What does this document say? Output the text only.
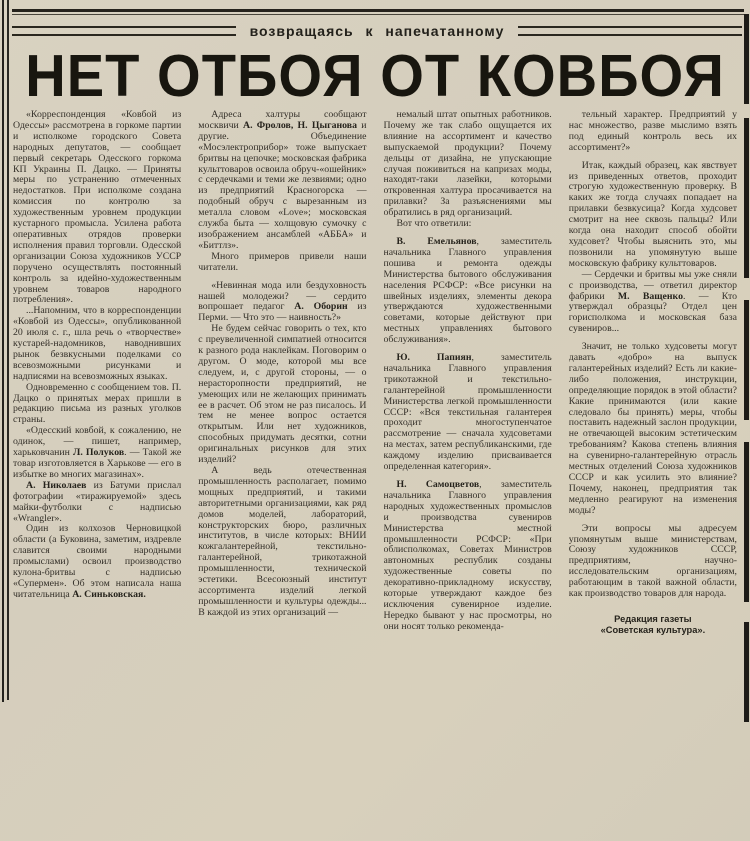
возвращаясь к напечатанному
НЕТ ОТБОЯ ОТ КОВБОЯ

«Корреспонденция «Ковбой из Одессы» рассмотрена в горкоме партии и исполкоме городского Совета народных депутатов, — сообщает первый секретарь Одесского горкома КП Украины П. Дацко. — Приняты меры по устранению отмеченных недостатков. При исполкоме создана комиссия по контролю за художественным уровнем продукции кустарного промысла. Усилена работа оперативных отрядов проверки исполнения правил торговли. Одесской организации Союза художников УССР поручено осуществлять постоянный контроль за идейно-художественным уровнем товаров народного потребления».

...Напомним, что в корреспонденции «Ковбой из Одессы», опубликованной 20 июля с. г., шла речь о «творчестве» кустарей-надомников, наводнивших рынок безвкусными поделками со всевозможными рисунками и надписями на всевозможных языках.

Одновременно с сообщением тов. П. Дацко о принятых мерах пришли в редакцию письма из разных уголков страны.

«Одесский ковбой, к сожалению, не одинок, — пишет, например, харьковчанин Л. Полуков. — Такой же товар изготовляется в Харькове — его в избытке во многих магазинах».

А. Николаев из Батуми прислал фотографии «тиражируемой» здесь майки-футболки с надписью «Wrangler».

Один из колхозов Черновицкой области (а Буковина, заметим, издревле славится своими народными промыслами) освоил производство кулона-бритвы с надписью «Супермен». Об этом написала наша читательница А. Синьковская.

Адреса халтуры сообщают москвичи А. Фролов, Н. Цыганова и другие. Объединение «Мосэлектроприбор» тоже выпускает бритвы на цепочке; московская фабрика культтоваров освоила обруч-«ошейник» с сердечками и теми же лезвиями; одно из предприятий Красногорска — подобный обруч с вырезанным из металла словом «Love»; московская служба быта — холщовую сумочку с изображением ансамблей «АББА» и «Биттлз».

Много примеров привели наши читатели.

«Невинная мода или бездуховность нашей молодежи? — сердито вопрошает педагог А. Оборин из Перми. — Что это — наивность?»

Не будем сейчас говорить о тех, кто с преувеличенной симпатией относится к разного рода наклейкам. Поговорим о другом. О моде, которой мы все следуем, и, с другой стороны, — о нерасторопности предприятий, не умеющих или не желающих принимать ее в расчет. Об этом не раз писалось. И тем не менее вопрос остается открытым. Или нет художников, способных придумать десятки, сотни оригинальных рисунков для этих изделий?

А ведь отечественная промышленность располагает, помимо мощных предприятий, и такими авторитетными организациями, как ряд домов моделей, лабораторий, конструкторских бюро, различных институтов, в числе которых: ВНИИ кожгалантерейной, текстильно-галантерейной, трикотажной промышленности, технической эстетики. Всесоюзный институт ассортимента изделий легкой промышленности и культуры одежды... В каждой из этих организаций —

немалый штат опытных работников. Почему же так слабо ощущается их влияние на ассортимент и качество выпускаемой продукции? Почему дельцы от дизайна, не упускающие случая поживиться на капризах моды, находят-таки лазейки, которыми откровенная халтура просачивается на прилавки? За разъяснениями мы обратились в ряд организаций.

Вот что ответили:

В. Емельянов, заместитель начальника Главного управления пошива и ремонта одежды Министерства бытового обслуживания населения РСФСР: «Все рисунки на швейных изделиях, элементы декора утверждаются художественными советами, которые действуют при местных управлениях бытового обслуживания».

Ю. Папиян, заместитель начальника Главного управления трикотажной и текстильно-галантерейной промышленности Министерства легкой промышленности СССР: «Вся текстильная галантерея проходит многоступенчатое рассмотрение — сначала худсоветами на местах, затем республиканскими, где каждому изделию присваивается определенная категория».

Н. Самоцветов, заместитель начальника Главного управления народных художественных промыслов и производства сувениров Министерства местной промышленности РСФСР: «При облисполкомах, Советах Министров автономных республик созданы художественные советы по декоративно-прикладному искусству, которые утверждают каждое без исключения сувенирное изделие. Нередко бывают у нас просмотры, но они носят только рекоменда-

тельный характер. Предприятий у нас множество, разве мыслимо взять под единый контроль весь их ассортимент?»

Итак, каждый образец, как явствует из приведенных ответов, проходит строгую художественную проверку. В каких же тогда случаях попадает на прилавки безвкусица? Когда худсовет смотрит на нее сквозь пальцы? Или когда она находит способ обойти худсовет? Чтобы выяснить это, мы позвонили на упомянутую выше московскую фабрику культтоваров.

— Сердечки и бритвы мы уже сняли с производства, — ответил директор фабрики М. Ващенко. — Кто утверждал образцы? Отдел цен горисполкома и московская база сувениров...

Значит, не только худсоветы могут давать «добро» на выпуск галантерейных изделий? Есть ли какие-либо положения, инструкции, определяющие порядок в этой области? Какие принимаются (или какие следовало бы принять) меры, чтобы поставить надежный заслон продукции, не отвечающей высоким эстетическим требованиям? Какова степень влияния на сувенирно-галантерейную отрасль местных отделений Союза художников СССР и как усилить это влияние? Почему, наконец, предприятия так медленно реагируют на изменения моды?

Эти вопросы мы адресуем упомянутым выше министерствам, Союзу художников СССР, предприятиям, научно-исследовательским организациям, работающим в такой важной области, как производство товаров для народа.

Редакция газеты

«Советская культура».
